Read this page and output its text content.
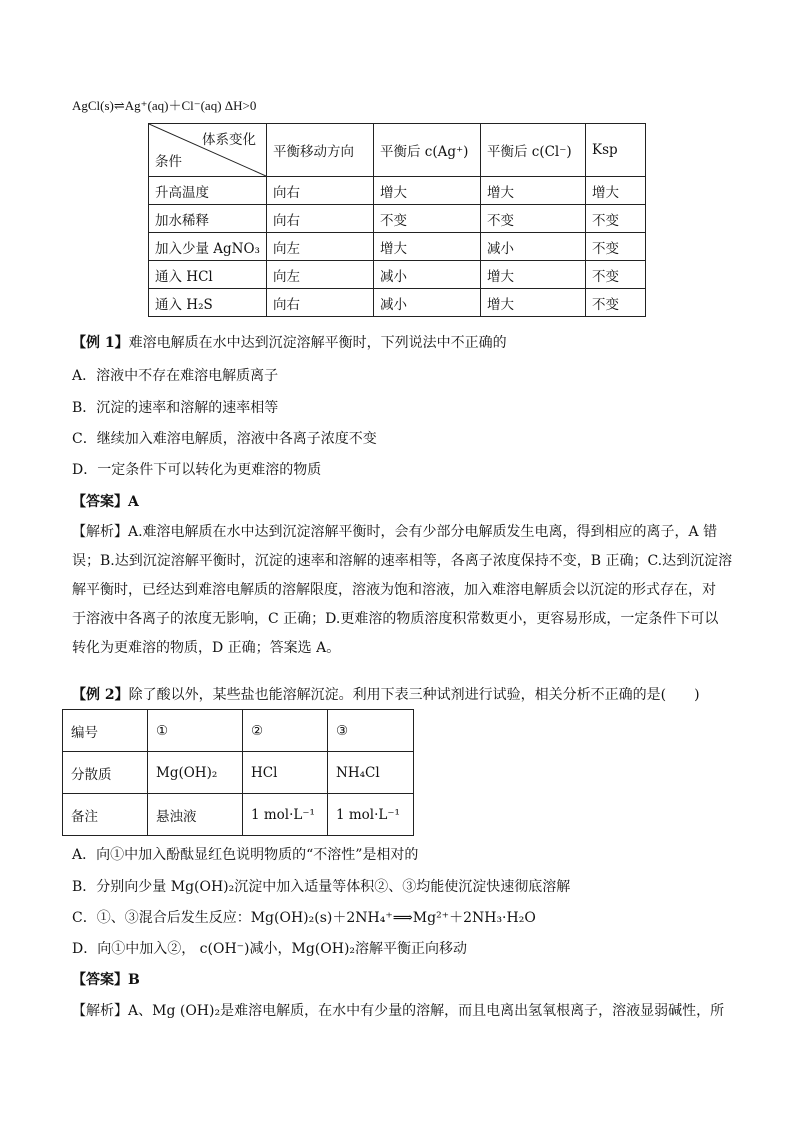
AgCl(s)⇌Ag⁺(aq)＋Cl⁻(aq) ΔH>0
体系变化
条件	平衡移动方向	平衡后 c(Ag⁺)	平衡后 c(Cl⁻)	Ksp
升高温度	向右	增大	增大	增大
加水稀释	向右	不变	不变	不变
加入少量 AgNO₃	向左	增大	减小	不变
通入 HCl	向左	减小	增大	不变
通入 H₂S	向右	减小	增大	不变
【例 1】难溶电解质在水中达到沉淀溶解平衡时，下列说法中不正确的
A．溶液中不存在难溶电解质离子
B．沉淀的速率和溶解的速率相等
C．继续加入难溶电解质，溶液中各离子浓度不变
D．一定条件下可以转化为更难溶的物质
【答案】A
【解析】A.难溶电解质在水中达到沉淀溶解平衡时，会有少部分电解质发生电离，得到相应的离子，A 错
误；B.达到沉淀溶解平衡时，沉淀的速率和溶解的速率相等，各离子浓度保持不变，B 正确；C.达到沉淀溶
解平衡时，已经达到难溶电解质的溶解限度，溶液为饱和溶液，加入难溶电解质会以沉淀的形式存在，对
于溶液中各离子的浓度无影响，C 正确；D.更难溶的物质溶度积常数更小，更容易形成，一定条件下可以
转化为更难溶的物质，D 正确；答案选 A。
【例 2】除了酸以外，某些盐也能溶解沉淀。利用下表三种试剂进行试验，相关分析不正确的是(　　)
编号	①	②	③
分散质	Mg(OH)₂	HCl	NH₄Cl
备注	悬浊液	1 mol·L⁻¹	1 mol·L⁻¹
A．向①中加入酚酞显红色说明物质的“不溶性”是相对的
B．分别向少量 Mg(OH)₂沉淀中加入适量等体积②、③均能使沉淀快速彻底溶解
C．①、③混合后发生反应：Mg(OH)₂(s)＋2NH₄⁺⟹Mg²⁺＋2NH₃·H₂O
D．向①中加入②， c(OH⁻)减小，Mg(OH)₂溶解平衡正向移动
【答案】B
【解析】A、Mg (OH)₂是难溶电解质，在水中有少量的溶解，而且电离出氢氧根离子，溶液显弱碱性，所
